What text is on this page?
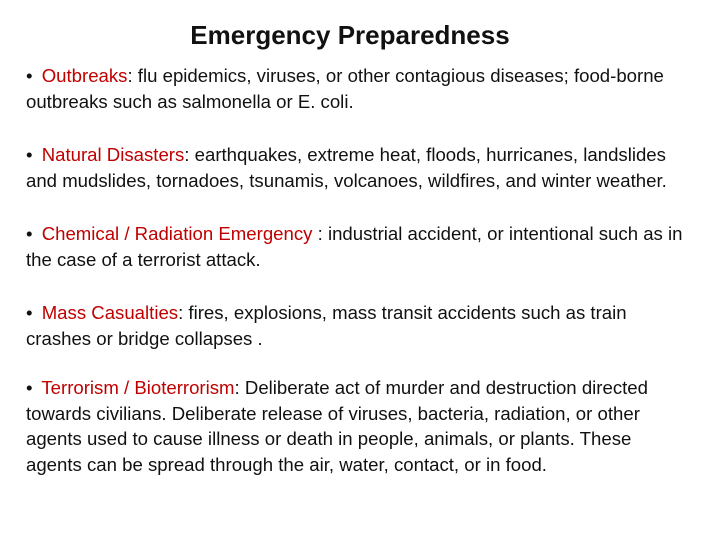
Emergency Preparedness
• Outbreaks: flu epidemics, viruses, or other contagious diseases; food-borne outbreaks such as salmonella or E. coli.
• Natural Disasters: earthquakes, extreme heat, floods, hurricanes, landslides and mudslides, tornadoes, tsunamis, volcanoes, wildfires, and winter weather.
• Chemical / Radiation Emergency : industrial accident, or intentional such as in the case of a terrorist attack.
• Mass Casualties: fires, explosions, mass transit accidents such as train crashes or bridge collapses .
• Terrorism / Bioterrorism: Deliberate act of murder and destruction directed towards civilians. Deliberate release of viruses, bacteria, radiation, or other agents used to cause illness or death in people, animals, or plants. These agents can be spread through the air, water, contact, or in food.
